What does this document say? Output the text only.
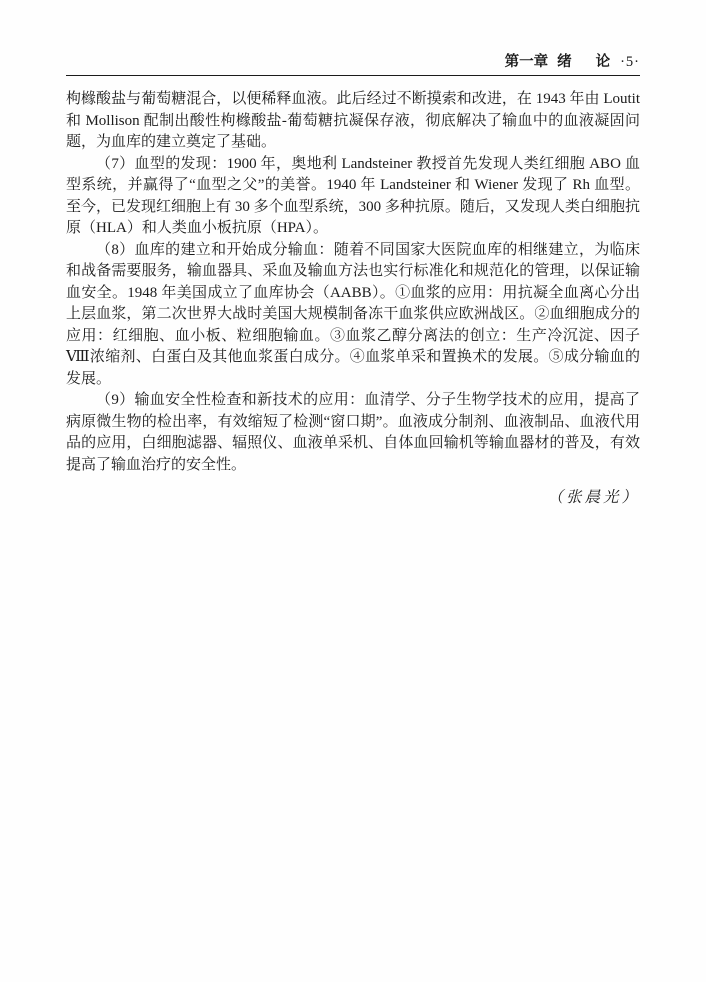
第一章 绪 论 ·5·

枸橼酸盐与葡萄糖混合，以便稀释血液。此后经过不断摸索和改进，在 1943 年由 Loutit 和 Mollison 配制出酸性枸橼酸盐-葡萄糖抗凝保存液，彻底解决了输血中的血液凝固问题，为血库的建立奠定了基础。

（7）血型的发现：1900 年，奥地利 Landsteiner 教授首先发现人类红细胞 ABO 血型系统，并赢得了“血型之父”的美誉。1940 年 Landsteiner 和 Wiener 发现了 Rh 血型。至今，已发现红细胞上有 30 多个血型系统，300 多种抗原。随后，又发现人类白细胞抗原（HLA）和人类血小板抗原（HPA）。

（8）血库的建立和开始成分输血：随着不同国家大医院血库的相继建立，为临床和战备需要服务，输血器具、采血及输血方法也实行标准化和规范化的管理，以保证输血安全。1948 年美国成立了血库协会（AABB）。①血浆的应用：用抗凝全血离心分出上层血浆，第二次世界大战时美国大规模制备冻干血浆供应欧洲战区。②血细胞成分的应用：红细胞、血小板、粒细胞输血。③血浆乙醇分离法的创立：生产冷沉淀、因子Ⅷ浓缩剂、白蛋白及其他血浆蛋白成分。④血浆单采和置换术的发展。⑤成分输血的发展。

（9）输血安全性检查和新技术的应用：血清学、分子生物学技术的应用，提高了病原微生物的检出率，有效缩短了检测“窗口期”。血液成分制剂、血液制品、血液代用品的应用，白细胞滤器、辐照仪、血液单采机、自体血回输机等输血器材的普及，有效提高了输血治疗的安全性。

（张晨光）
